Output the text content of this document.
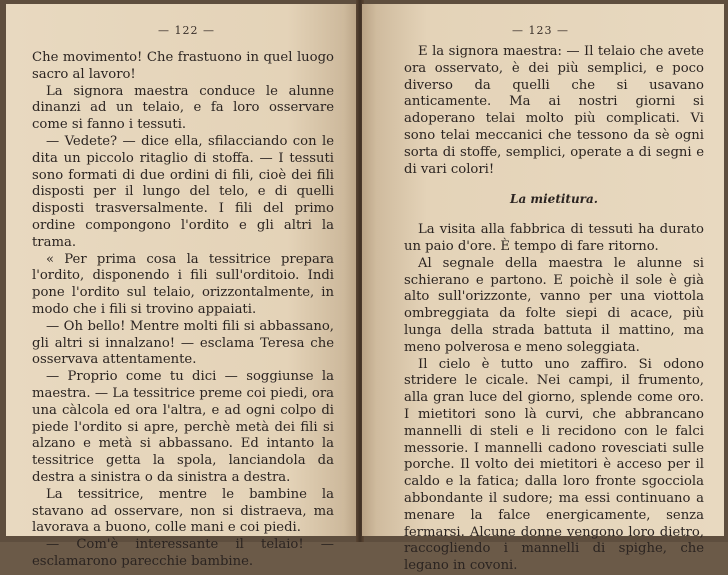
— 122 —

Che movimento! Che frastuono in quel luogo sacro al lavoro!

La signora maestra conduce le alunne dinanzi ad un telaio, e fa loro osservare come si fanno i tessuti.

— Vedete? — dice ella, sfilacciando con le dita un piccolo ritaglio di stoffa. — I tessuti sono formati di due ordini di fili, cioè dei fili disposti per il lungo del telo, e di quelli disposti trasversalmente. I fili del primo ordine compongono l'ordito e gli altri la trama.

« Per prima cosa la tessitrice prepara l'ordito, disponendo i fili sull'orditoio. Indi pone l'ordito sul telaio, orizzontalmente, in modo che i fili si trovino appaiati.

— Oh bello! Mentre molti fili si abbassano, gli altri si innalzano! — esclama Teresa che osservava attentamente.

— Proprio come tu dici — soggiunse la maestra. — La tessitrice preme coi piedi, ora una càlcola ed ora l'altra, e ad ogni colpo di piede l'ordito si apre, perchè metà dei fili si alzano e metà si abbassano. Ed intanto la tessitrice getta la spola, lanciandola da destra a sinistra o da sinistra a destra.

La tessitrice, mentre le bambine la stavano ad osservare, non si distraeva, ma lavorava a buono, colle mani e coi piedi.

— Com'è interessante il telaio! — esclamarono parecchie bambine.

— 123 —

E la signora maestra: — Il telaio che avete ora osservato, è dei più semplici, e poco diverso da quelli che si usavano anticamente. Ma ai nostri giorni si adoperano telai molto più complicati. Vi sono telai meccanici che tessono da sè ogni sorta di stoffe, semplici, operate a di segni e di vari colori!

La mietitura.

La visita alla fabbrica di tessuti ha durato un paio d'ore. È tempo di fare ritorno.

Al segnale della maestra le alunne si schierano e partono. E poichè il sole è già alto sull'orizzonte, vanno per una viottola ombreggiata da folte siepi di acace, più lunga della strada battuta il mattino, ma meno polverosa e meno soleggiata.

Il cielo è tutto uno zaffiro. Si odono stridere le cicale. Nei campi, il frumento, alla gran luce del giorno, splende come oro. I mietitori sono là curvi, che abbrancano mannelli di steli e li recidono con le falci messorie. I mannelli cadono rovesciati sulle porche. Il volto dei mietitori è acceso per il caldo e la fatica; dalla loro fronte sgocciola abbondante il sudore; ma essi continuano a menare la falce energicamente, senza fermarsi. Alcune donne vengono loro dietro, raccogliendo i mannelli di spighe, che legano in covoni.
